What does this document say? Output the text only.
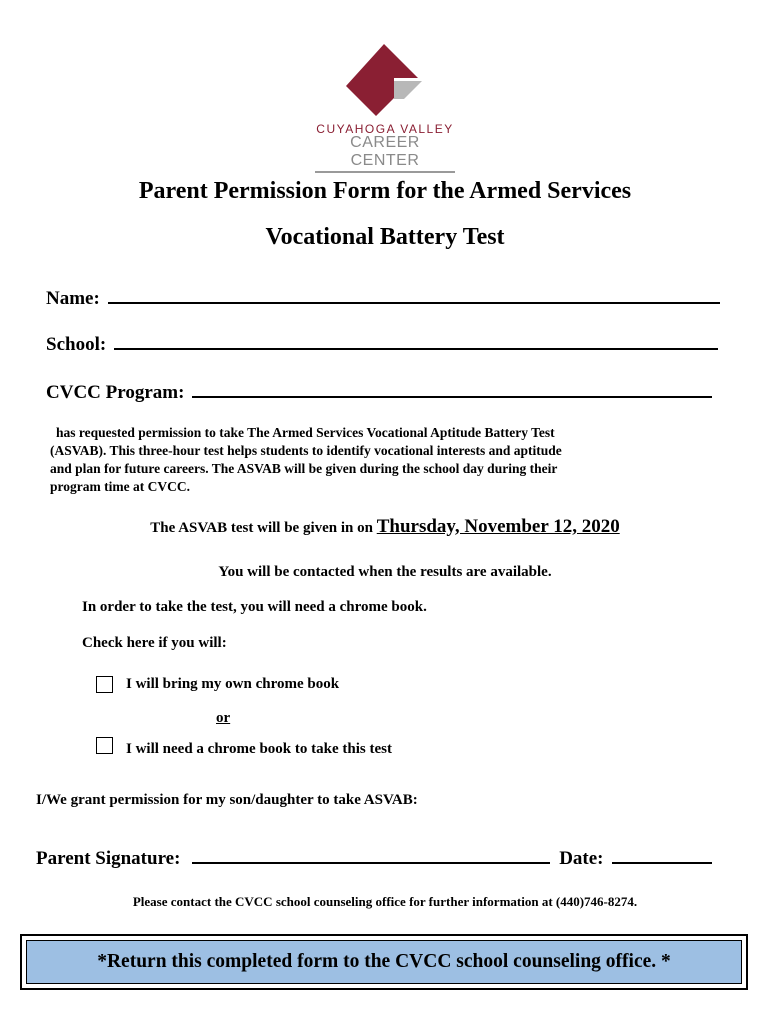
CUYAHOGA VALLEY
CAREER CENTER
Parent Permission Form for the Armed Services
Vocational Battery Test
Name:
School:
CVCC Program:
has requested permission to take The Armed Services Vocational Aptitude Battery Test
(ASVAB). This three-hour test helps students to identify vocational interests and aptitude
and plan for future careers. The ASVAB will be given during the school day during their
program time at CVCC.
The ASVAB test will be given in on Thursday, November 12, 2020
You will be contacted when the results are available.
In order to take the test, you will need a chrome book.
Check here if you will:
I will bring my own chrome book
or
I will need a chrome book to take this test
I/We grant permission for my son/daughter to take ASVAB:
Parent Signature:	Date:
Please contact the CVCC school counseling office for further information at (440)746-8274.
*Return this completed form to the CVCC school counseling office. *
